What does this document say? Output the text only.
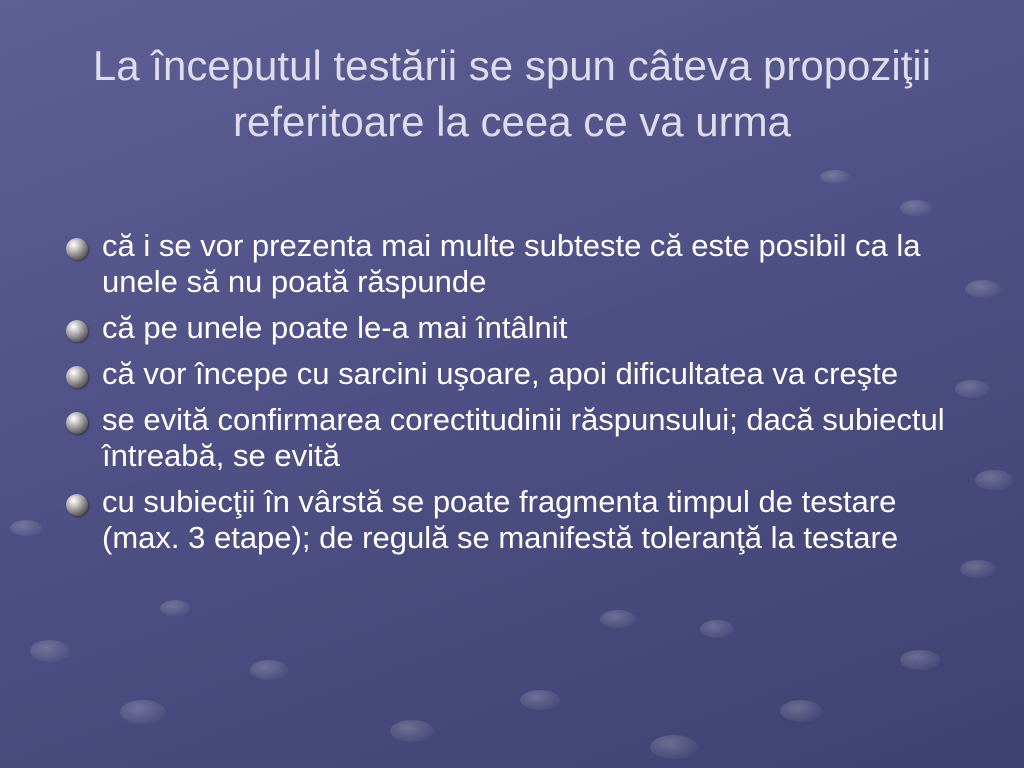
La începutul testării se spun câteva propoziţii referitoare la ceea ce va urma
că i se vor prezenta mai multe subteste că este posibil ca la unele să nu poată răspunde
că pe unele poate le-a mai întâlnit
că vor începe cu sarcini uşoare, apoi dificultatea va creşte
se evită confirmarea corectitudinii răspunsului; dacă subiectul întreabă, se evită
cu subiecţii în vârstă se poate fragmenta timpul de testare (max. 3 etape); de regulă se manifestă toleranţă la testare
